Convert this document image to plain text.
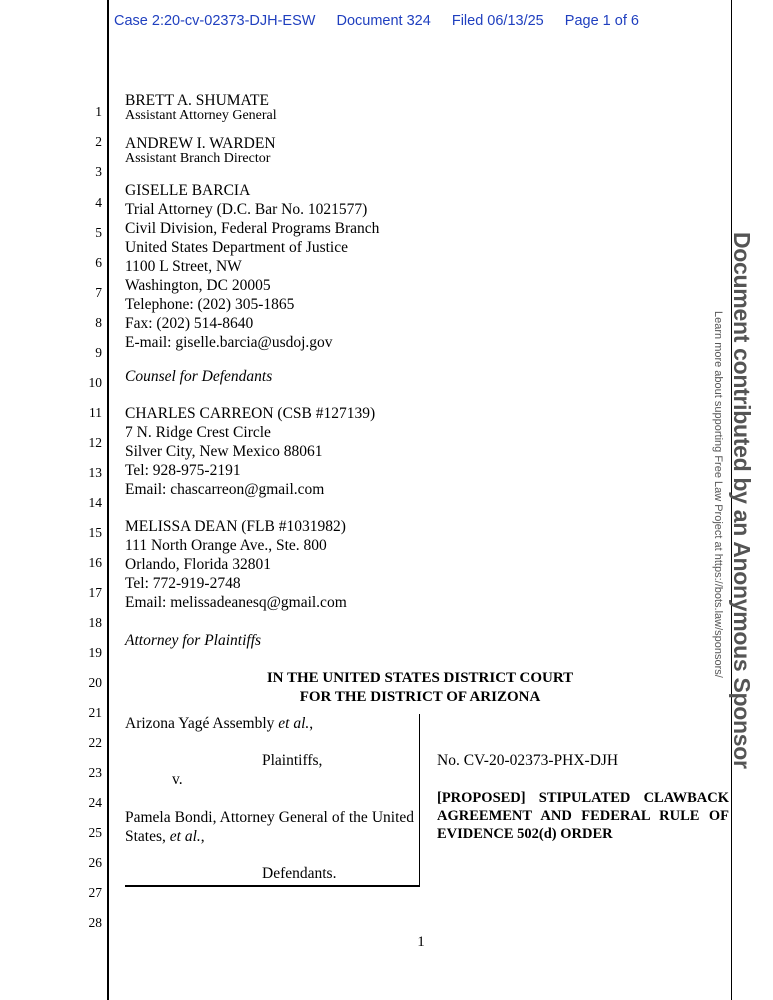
Case 2:20-cv-02373-DJH-ESW Document 324 Filed 06/13/25 Page 1 of 6
1
2
3
4
5
6
7
8
9
10
11
12
13
14
15
16
17
18
19
20
21
22
23
24
25
26
27
28
BRETT A. SHUMATE
Assistant Attorney General
ANDREW I. WARDEN
Assistant Branch Director
GISELLE BARCIA
Trial Attorney (D.C. Bar No. 1021577)
Civil Division, Federal Programs Branch
United States Department of Justice
1100 L Street, NW
Washington, DC 20005
Telephone: (202) 305-1865
Fax: (202) 514-8640
E-mail: giselle.barcia@usdoj.gov
Counsel for Defendants
CHARLES CARREON (CSB #127139)
7 N. Ridge Crest Circle
Silver City, New Mexico 88061
Tel: 928-975-2191
Email: chascarreon@gmail.com
MELISSA DEAN (FLB #1031982)
111 North Orange Ave., Ste. 800
Orlando, Florida 32801
Tel: 772-919-2748
Email: melissadeanesq@gmail.com
Attorney for Plaintiffs
IN THE UNITED STATES DISTRICT COURT
FOR THE DISTRICT OF ARIZONA
Arizona Yagé Assembly et al.,
Plaintiffs,
v.
Pamela Bondi, Attorney General of the United States, et al.,
Defendants.
No. CV-20-02373-PHX-DJH
[PROPOSED] STIPULATED CLAWBACK AGREEMENT AND FEDERAL RULE OF EVIDENCE 502(d) ORDER
1
Document contributed by an Anonymous Sponsor
Learn more about supporting Free Law Project at https://bots.law/sponsors/
